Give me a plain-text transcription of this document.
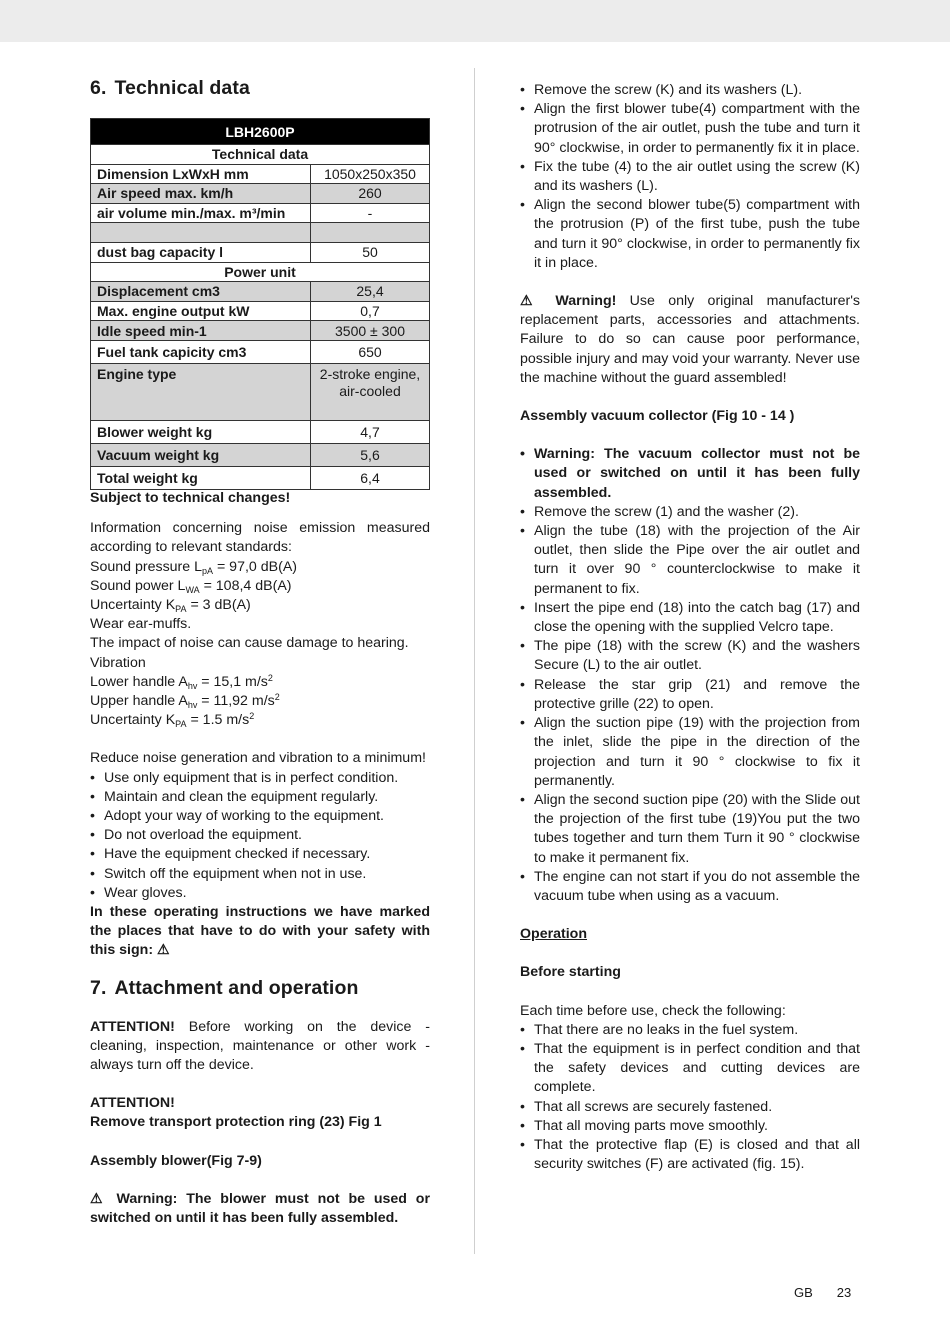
6. Technical data
LBH2600P	
Technical data	
Dimension LxWxH mm	1050x250x350
Air speed max. km/h	260
air volume min./max. m³/min	-

dust bag capacity l	50
Power unit	
Displacement cm3	25,4
Max. engine output kW	0,7
Idle speed min-1	3500 ± 300
Fuel tank capicity cm3	650
Engine type	2-stroke engine, air-cooled
Blower weight kg	4,7
Vacuum weight kg	5,6
Total weight kg	6,4
Subject to technical changes!

Information concerning noise emission measured according to relevant standards:

Sound pressure $L_{pA} = 97,0$ dB(A)

Sound power $L_{WA} = 108,4$ dB(A)

Uncertainty $K_{PA} = 3$ dB(A)

Wear ear-muffs.

The impact of noise can cause damage to hearing.

Vibration

Lower handle $A_{hv} = 15,1$ $m/s^2$

Upper handle $A_{hv} = 11,92$ $m/s^2$

Uncertainty $K_{PA} = 1.5$ $m/s^2$

Reduce noise generation and vibration to a minimum!

• Use only equipment that is in perfect condition.
• Maintain and clean the equipment regularly.
• Adopt your way of working to the equipment.
• Do not overload the equipment.
• Have the equipment checked if necessary.
• Switch off the equipment when not in use.
• Wear gloves.

In these operating instructions we have marked the places that have to do with your safety with this sign: ⚠

7. Attachment and operation

ATTENTION! Before working on the device - cleaning, inspection, maintenance or other work - always turn off the device.

ATTENTION!

Remove transport protection ring (23) Fig 1

Assembly blower(Fig 7-9)

⚠ Warning: The blower must not be used or switched on until it has been fully assembled.

• Remove the screw (K) and its washers (L).
• Align the first blower tube(4) compartment with the protrusion of the air outlet, push the tube and turn it 90° clockwise, in order to permanently fix it in place.
• Fix the tube (4) to the air outlet using the screw (K) and its washers (L).
• Align the second blower tube(5) compartment with the protrusion (P) of the first tube, push the tube and turn it 90° clockwise, in order to permanently fix it in place.

⚠ Warning! Use only original manufacturer's replacement parts, accessories and attachments. Failure to do so can cause poor performance, possible injury and may void your warranty. Never use the machine without the guard assembled!

Assembly vacuum collector (Fig 10 - 14 )

• Warning: The vacuum collector must not be used or switched on until it has been fully assembled.
• Remove the screw (1) and the washer (2).
• Align the tube (18) with the projection of the Air outlet, then slide the Pipe over the air outlet and turn it over 90 ° counterclockwise to make it permanent to fix.
• Insert the pipe end (18) into the catch bag (17) and close the opening with the supplied Velcro tape.
• The pipe (18) with the screw (K) and the washers Secure (L) to the air outlet.
• Release the star grip (21) and remove the protective grille (22) to open.
• Align the suction pipe (19) with the projection from the inlet, slide the pipe in the direction of the projection and turn it 90 ° clockwise to fix it permanently.
• Align the second suction pipe (20) with the Slide out the projection of the first tube (19)You put the two tubes together and turn them Turn it 90 ° clockwise to make it permanent fix.
• The engine can not start if you do not assemble the vacuum tube when using as a vacuum.

Operation

Before starting

Each time before use, check the following:

• That there are no leaks in the fuel system.
• That the equipment is in perfect condition and that the safety devices and cutting devices are complete.
• That all screws are securely fastened.
• That all moving parts move smoothly.
• That the protective flap (E) is closed and that all security switches (F) are activated (fig. 15).
GB 23
